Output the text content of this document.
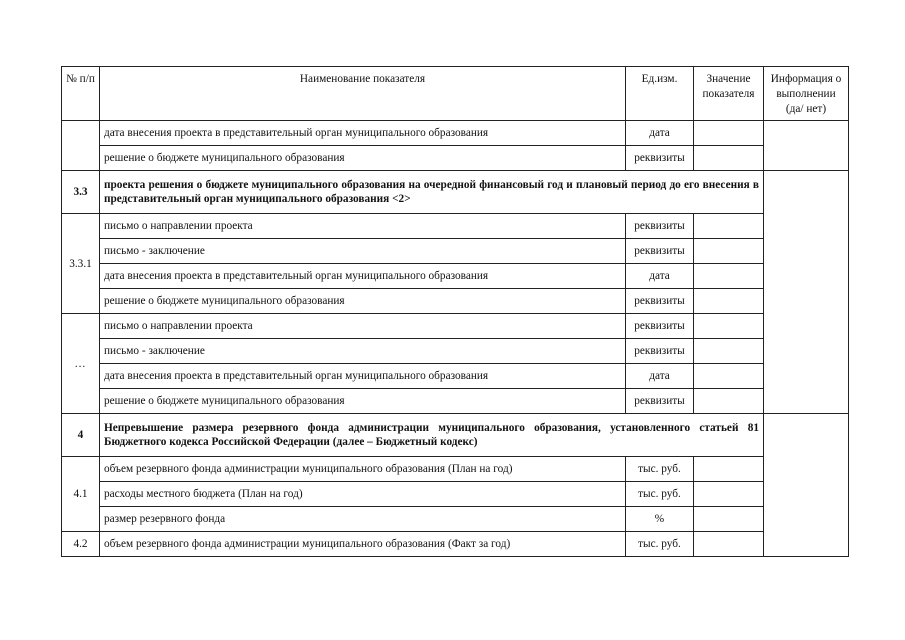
№ п/п	Наименование показателя	Ед.изм.	Значение показателя	Информация о выполнении (да/ нет)
	дата внесения проекта в представительный орган муниципального образования	дата		
	решение о бюджете муниципального образования	реквизиты		
3.3	проекта решения о бюджете муниципального образования на очередной финансовый год и плановый период до его внесения в представительный орган муниципального образования <2>			
3.3.1	письмо о направлении проекта	реквизиты		
	письмо - заключение	реквизиты		
	дата внесения проекта в представительный орган муниципального образования	дата		
	решение о бюджете муниципального образования	реквизиты		
…	письмо о направлении проекта	реквизиты		
	письмо - заключение	реквизиты		
	дата внесения проекта в представительный орган муниципального образования	дата		
	решение о бюджете муниципального образования	реквизиты		
4	Непревышение размера резервного фонда администрации муниципального образования, установленного статьей 81 Бюджетного кодекса Российской Федерации (далее – Бюджетный кодекс)			
4.1	объем резервного фонда администрации муниципального образования (План на год)	тыс. руб.		
	расходы местного бюджета (План на год)	тыс. руб.		
	размер резервного фонда	%		
4.2	объем резервного фонда администрации муниципального образования (Факт за год)	тыс. руб.		
